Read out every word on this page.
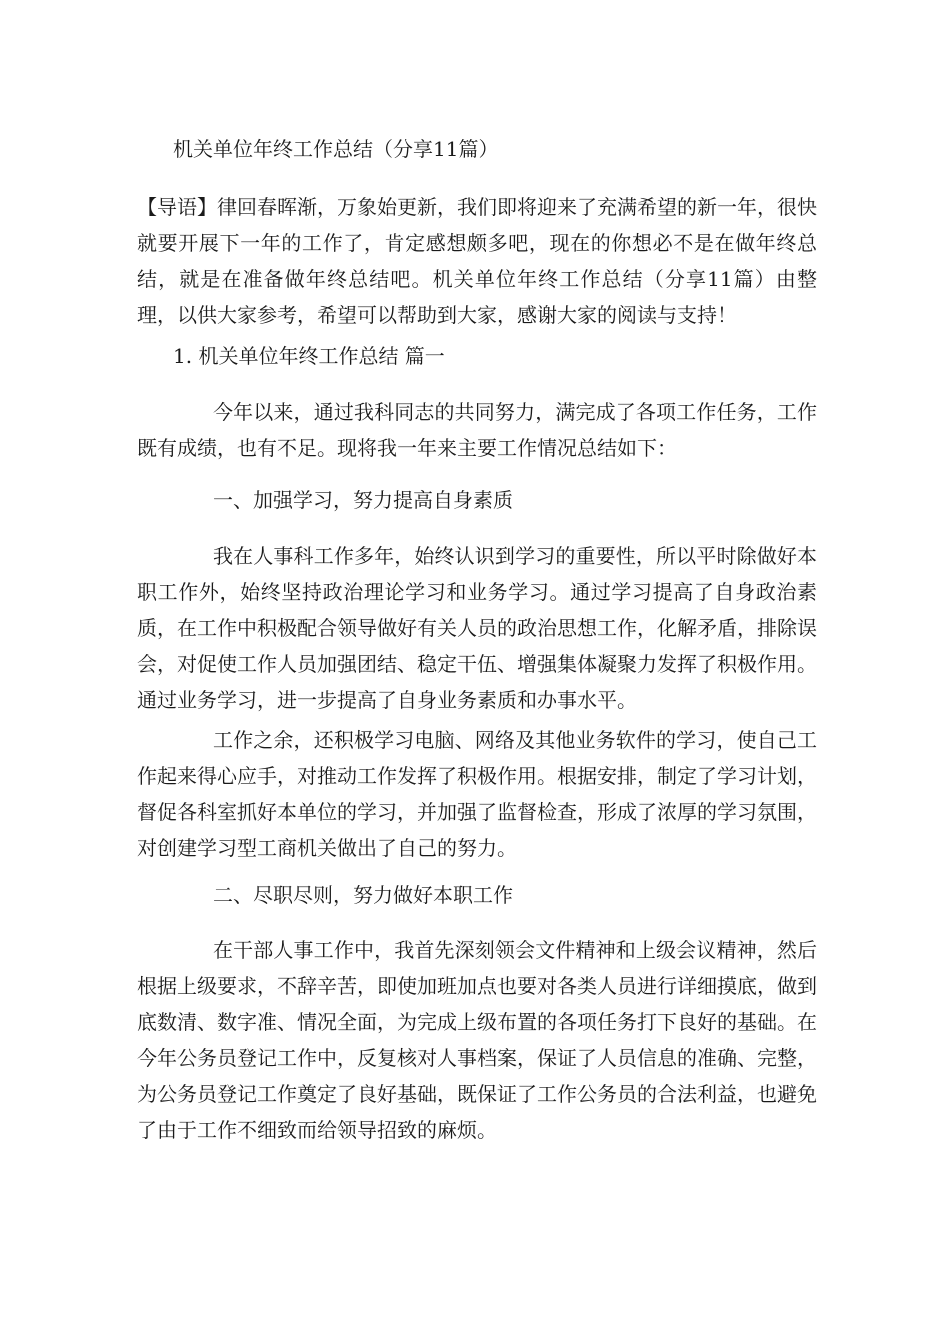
机关单位年终工作总结（分享11篇）

【导语】律回春晖渐，万象始更新，我们即将迎来了充满希望的新一年，很快就要开展下一年的工作了，肯定感想颇多吧，现在的你想必不是在做年终总结，就是在准备做年终总结吧。机关单位年终工作总结（分享11篇）由整理，以供大家参考，希望可以帮助到大家，感谢大家的阅读与支持！

1. 机关单位年终工作总结 篇一

今年以来，通过我科同志的共同努力，满完成了各项工作任务，工作既有成绩，也有不足。现将我一年来主要工作情况总结如下：

一、加强学习，努力提高自身素质

我在人事科工作多年，始终认识到学习的重要性，所以平时除做好本职工作外，始终坚持政治理论学习和业务学习。通过学习提高了自身政治素质，在工作中积极配合领导做好有关人员的政治思想工作，化解矛盾，排除误会，对促使工作人员加强团结、稳定干伍、增强集体凝聚力发挥了积极作用。通过业务学习，进一步提高了自身业务素质和办事水平。

工作之余，还积极学习电脑、网络及其他业务软件的学习，使自己工作起来得心应手，对推动工作发挥了积极作用。根据安排，制定了学习计划，督促各科室抓好本单位的学习，并加强了监督检查，形成了浓厚的学习氛围，对创建学习型工商机关做出了自己的努力。

二、尽职尽则，努力做好本职工作

在干部人事工作中，我首先深刻领会文件精神和上级会议精神，然后根据上级要求，不辞辛苦，即使加班加点也要对各类人员进行详细摸底，做到底数清、数字准、情况全面，为完成上级布置的各项任务打下良好的基础。在今年公务员登记工作中，反复核对人事档案，保证了人员信息的准确、完整，为公务员登记工作奠定了良好基础，既保证了工作公务员的合法利益，也避免了由于工作不细致而给领导招致的麻烦。
